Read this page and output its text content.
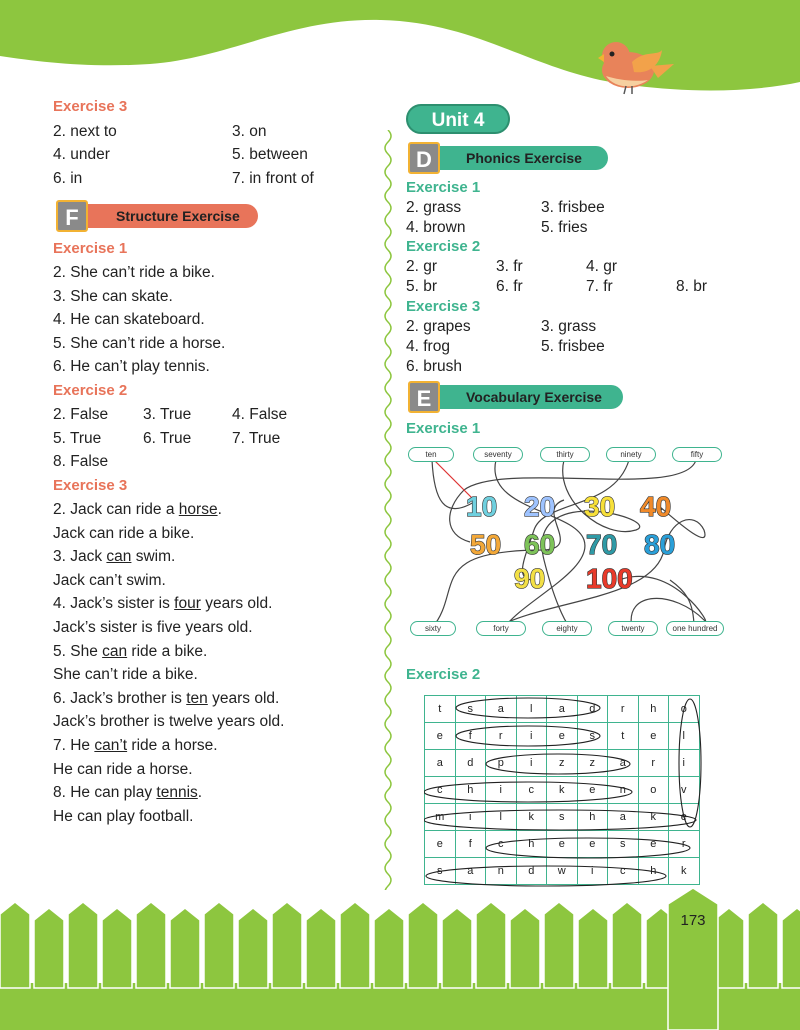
Exercise 3
2. next to	3. on
4. under	5. between
6. in	7. in front of
Structure Exercise
F
Exercise 1
2. She can’t ride a bike.
3. She can skate.
4. He can skateboard.
5. She can’t ride a horse.
6. He can’t play tennis.
Exercise 2
2. False 3. True	4. False
5. True	6. True	7. True
8. False
Exercise 3
2. Jack can ride a horse.
Jack can ride a bike.
3. Jack can swim.
Jack can’t swim.
4. Jack’s sister is four years old.
Jack’s sister is five years old.
5. She can ride a bike.
She can’t ride a bike.
6. Jack’s brother is ten years old.
Jack’s brother is twelve years old.
7. He can’t ride a horse.
He can ride a horse.
8. He can play tennis.
He can play football.
Unit 4
Phonics Exercise
D
Exercise 1
2. grass	3. frisbee
4. brown	5. fries
Exercise 2
2. gr	3. fr	4. gr
5. br	6. fr	7. fr	8. br
Exercise 3
2. grapes	3. grass
4. frog	5. frisbee
6. brush
Vocabulary Exercise
E
Exercise 1
ten	seventy	thirty	ninety	fifty
10 20 30 40
50 60 70 80
90 100
sixty	forty	eighty	twenty	one hundred
Exercise 2
t	s	a	l	a	d	r	h	o
e	f	r	i	e	s	t	e	l
a	d	p	i	z	z	a	r	i
c	h	i	c	k	e	n	o	v
m	i	l	k	s	h	a	k	e
e	f	c	h	e	e	s	e	r
s	a	n	d	w	i	c	h	k
173
